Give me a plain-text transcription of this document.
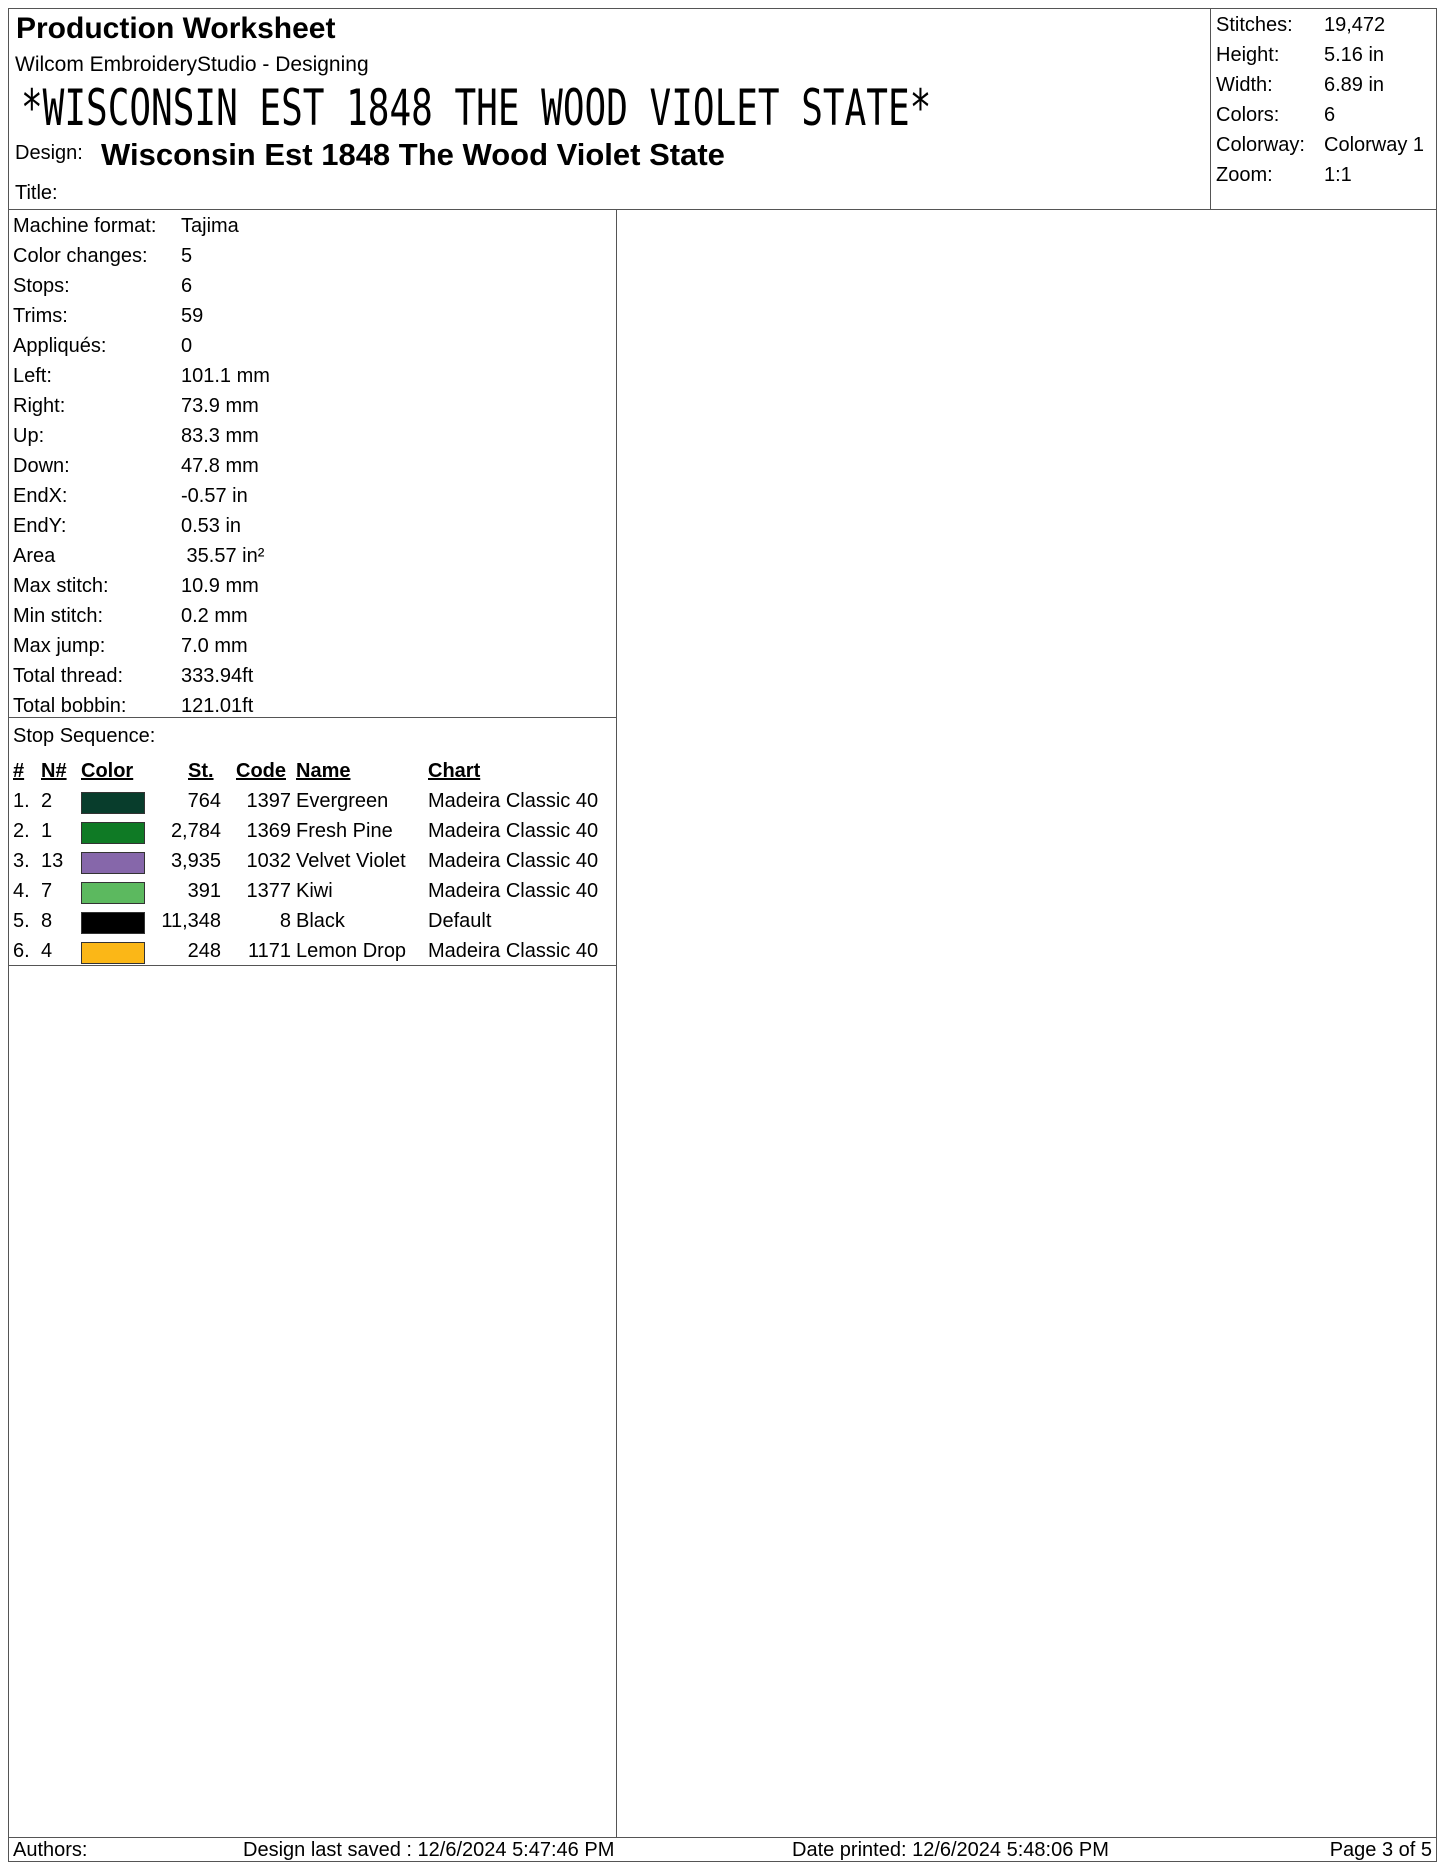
Production Worksheet
Wilcom EmbroideryStudio - Designing
*WISCONSIN EST 1848 THE WOOD VIOLET STATE*
Design: Wisconsin Est 1848 The Wood Violet State
Title:
Stitches:	19,472
Height:	5.16 in
Width:	6.89 in
Colors:	6
Colorway: Colorway 1
Zoom:	1:1
Machine format:	Tajima
Color changes:	5
Stops:	6
Trims:	59
Appliqués:	0
Left:	101.1 mm
Right:	73.9 mm
Up:	83.3 mm
Down:	47.8 mm
EndX:	-0.57 in
EndY:	0.53 in
Area	35.57 in²
Max stitch:	10.9 mm
Min stitch:	0.2 mm
Max jump:	7.0 mm
Total thread:	333.94ft
Total bobbin:	121.01ft
Stop Sequence:
# N# Color	St. Code Name	Chart
1. 2	764	1397 Evergreen Madeira Classic 40
2. 1	2,784	1369 Fresh Pine Madeira Classic 40
3. 13	3,935	1032 Velvet Violet Madeira Classic 40
4. 7	391	1377 Kiwi	Madeira Classic 40
5. 8	11,348	8 Black	Default
6. 4	248	1171 Lemon Drop Madeira Classic 40
Authors:	Design last saved : 12/6/2024 5:47:46 PM	Date printed: 12/6/2024 5:48:06 PM	Page 3 of 5
